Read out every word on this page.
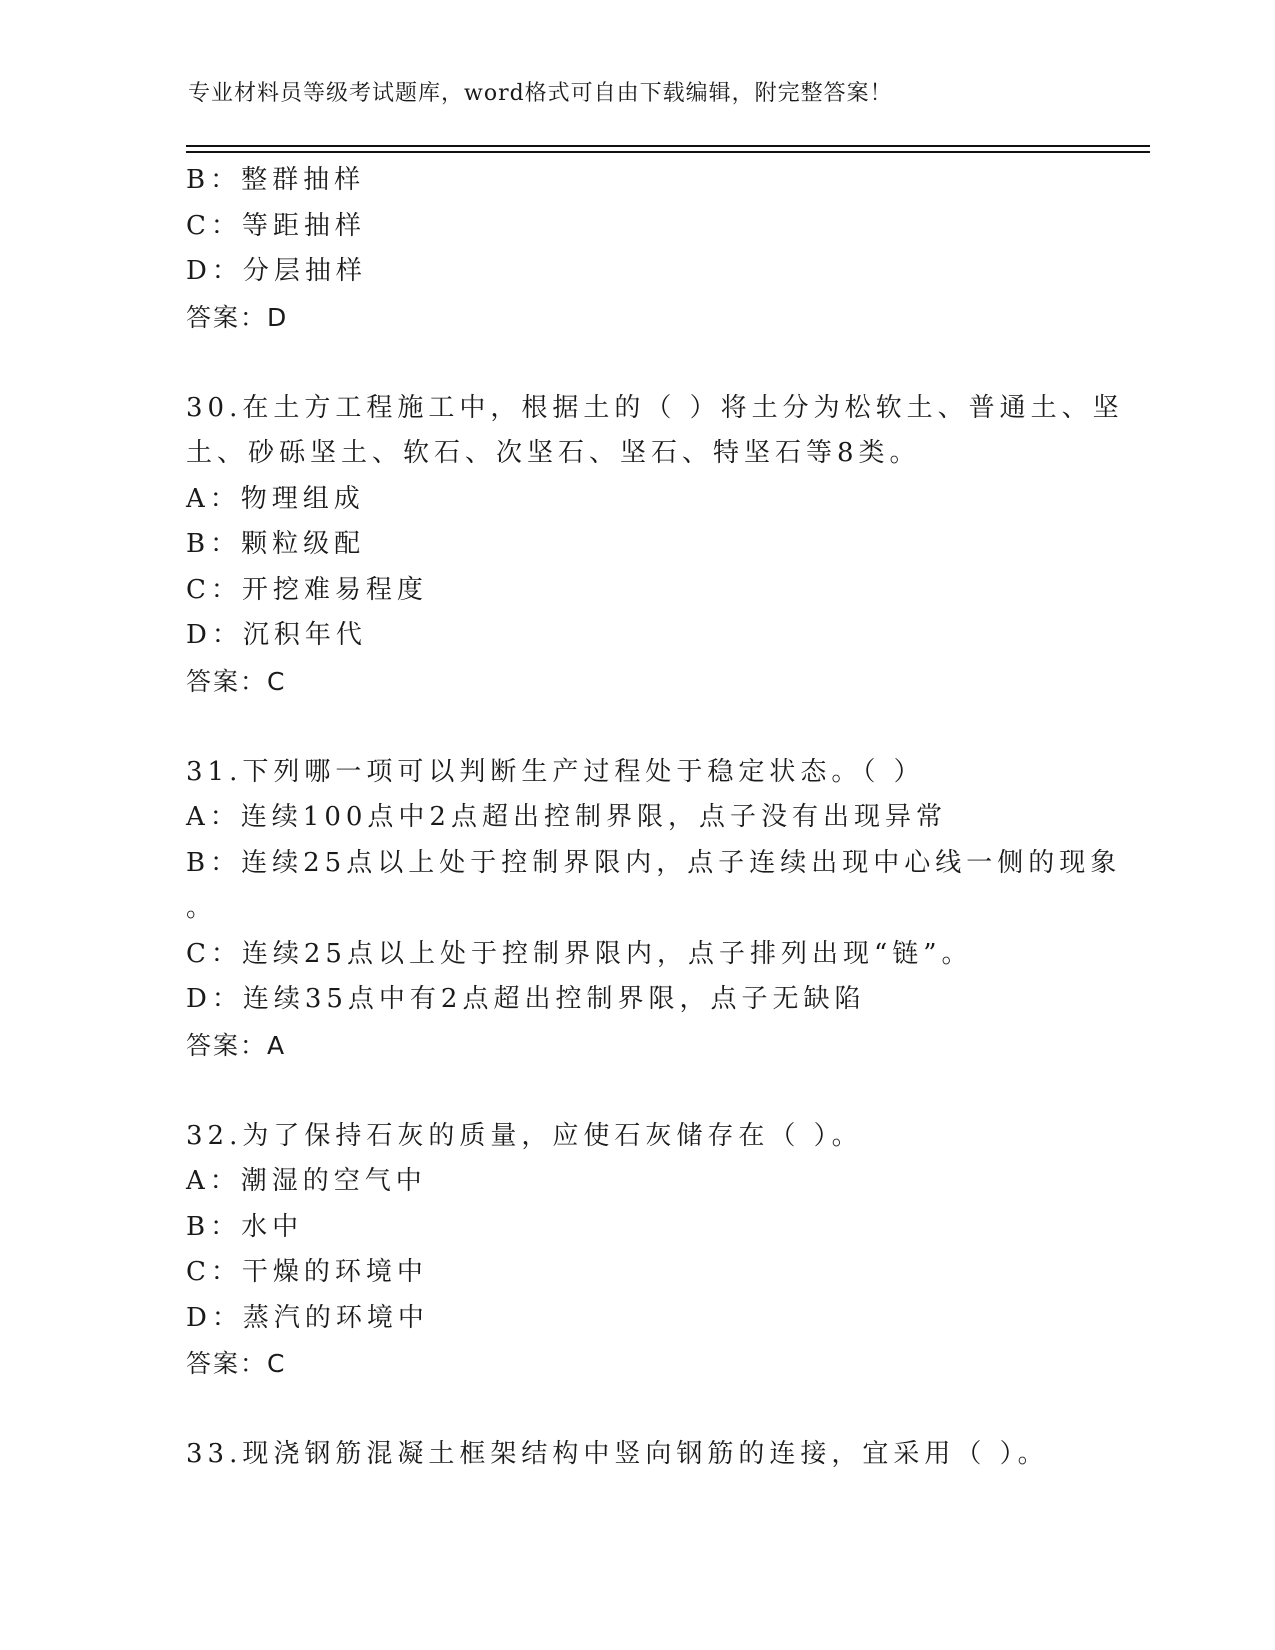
专业材料员等级考试题库，word格式可自由下载编辑，附完整答案！
B：整群抽样
C：等距抽样
D：分层抽样
答案：D
30.在土方工程施工中，根据土的（ ）将土分为松软土、普通土、坚
土、砂砾坚土、软石、次坚石、坚石、特坚石等8类。
A：物理组成
B：颗粒级配
C：开挖难易程度
D：沉积年代
答案：C
31.下列哪一项可以判断生产过程处于稳定状态。（ ）
A：连续100点中2点超出控制界限，点子没有出现异常
B：连续25点以上处于控制界限内，点子连续出现中心线一侧的现象
。
C：连续25点以上处于控制界限内，点子排列出现“链”。
D：连续35点中有2点超出控制界限，点子无缺陷
答案：A
32.为了保持石灰的质量，应使石灰储存在（ ）。
A：潮湿的空气中
B：水中
C：干燥的环境中
D：蒸汽的环境中
答案：C
33.现浇钢筋混凝土框架结构中竖向钢筋的连接，宜采用（ ）。
